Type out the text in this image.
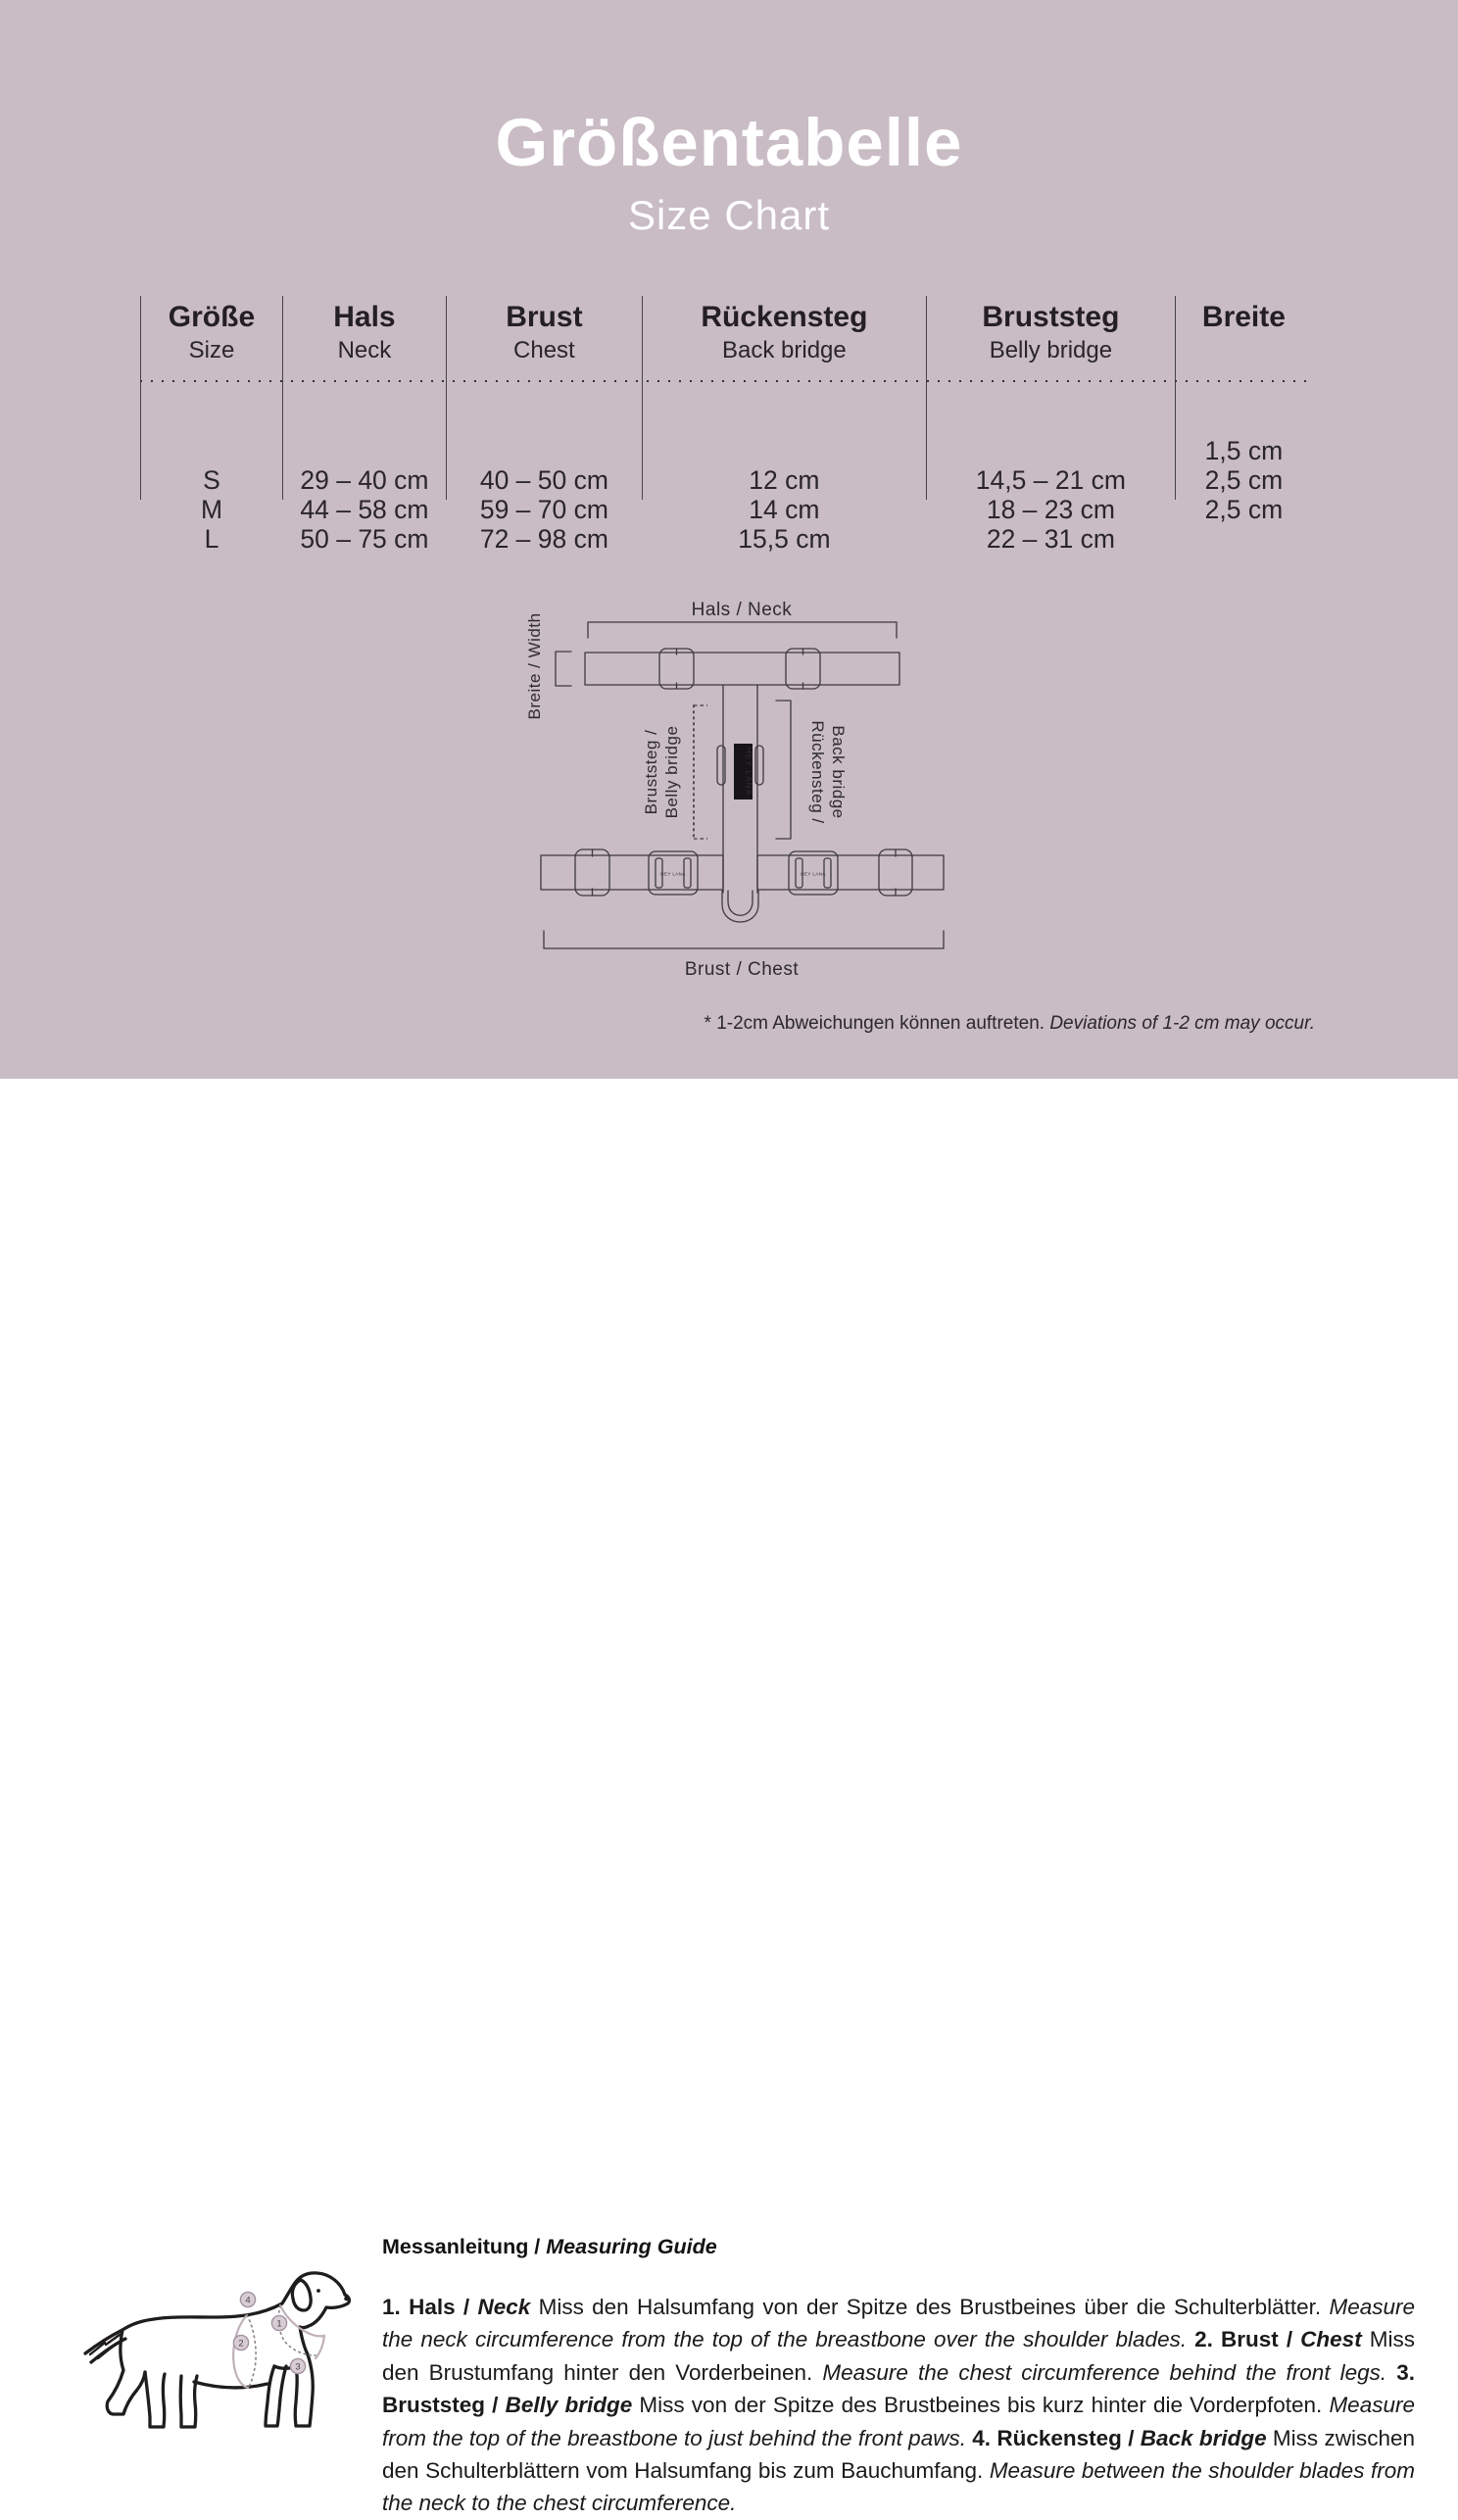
Größentabelle
Size Chart
Größe
Size
S
M
L
Hals
Neck
29 – 40 cm
44 – 58 cm
50 – 75 cm
Brust
Chest
40 – 50 cm
59 – 70 cm
72 – 98 cm
Rückensteg
Back bridge
12 cm
14 cm
15,5 cm
Bruststeg
Belly bridge
14,5 – 21 cm
18 – 23 cm
22 – 31 cm
Breite
1,5 cm
2,5 cm
2,5 cm
HEY LANA
HEY LANA	HEY LANA
Hals / Neck
Breite / Width
Bruststeg / Belly bridge	Rückensteg / Back bridge
Brust / Chest
* 1-2cm Abweichungen können auftreten. Deviations of 1-2 cm may occur.
4
1
2
3
Messanleitung / Measuring Guide
1. Hals / Neck Miss den Halsumfang von der Spitze des Brustbeines über die Schulterblätter. Measure the neck circumference from the top of the breastbone over the shoulder blades. 2. Brust / Chest Miss den Brustumfang hinter den Vorderbeinen. Measure the chest circumference behind the front legs. 3. Bruststeg / Belly bridge Miss von der Spitze des Brustbeines bis kurz hinter die Vorderpfoten. Measure from the top of the breastbone to just behind the front paws. 4. Rückensteg / Back bridge Miss zwischen den Schulterblättern vom Halsumfang bis zum Bauchumfang. Measure between the shoulder blades from the neck to the chest circumference.
